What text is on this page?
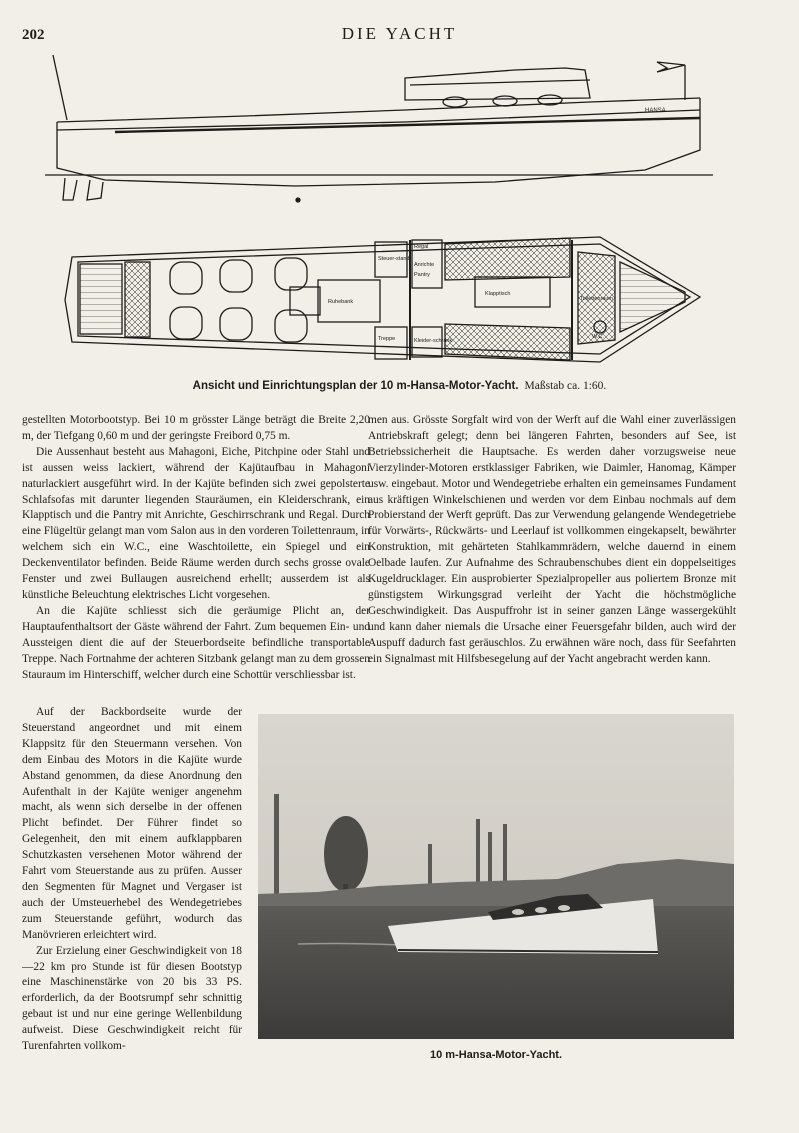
202	DIE YACHT
HANSA
Steuer-stand
Regal
Anrichte
Pantry
Ruhebank
Klapptisch
Toilettenraum
W.C.
Treppe	Kleider-schrank
Ansicht und Einrichtungsplan der 10 m-Hansa-Motor-Yacht. Maßstab ca. 1:60.

gestellten Motorbootstyp. Bei 10 m grösster Länge beträgt die Breite 2,20 m, der Tiefgang 0,60 m und der geringste Freibord 0,75 m.

Die Aussenhaut besteht aus Mahagoni, Eiche, Pitchpine oder Stahl und ist aussen weiss lackiert, während der Kajütaufbau in Mahagoni naturlackiert ausgeführt wird. In der Kajüte befinden sich zwei gepolsterte Schlafsofas mit darunter liegenden Stauräumen, ein Kleiderschrank, ein Klapptisch und die Pantry mit Anrichte, Geschirrschrank und Regal. Durch eine Flügeltür gelangt man vom Salon aus in den vorderen Toilettenraum, in welchem sich ein W.C., eine Waschtoilette, ein Spiegel und ein Deckenventilator befinden. Beide Räume werden durch sechs grosse ovale Fenster und zwei Bullaugen ausreichend erhellt; ausserdem ist als künstliche Beleuchtung elektrisches Licht vorgesehen.

An die Kajüte schliesst sich die geräumige Plicht an, der Hauptaufenthaltsort der Gäste während der Fahrt. Zum bequemen Ein- und Aussteigen dient die auf der Steuerbordseite befindliche transportable Treppe. Nach Fortnahme der achteren Sitzbank gelangt man zu dem grossen Stauraum im Hinterschiff, welcher durch eine Schottür verschliessbar ist.

men aus. Grösste Sorgfalt wird von der Werft auf die Wahl einer zuverlässigen Antriebskraft gelegt; denn bei längeren Fahrten, besonders auf See, ist Betriebssicherheit die Hauptsache. Es werden daher vorzugsweise neue Vierzylinder-Motoren erstklassiger Fabriken, wie Daimler, Hanomag, Kämper usw. eingebaut. Motor und Wendegetriebe erhalten ein gemeinsames Fundament aus kräftigen Winkelschienen und werden vor dem Einbau nochmals auf dem Probierstand der Werft geprüft. Das zur Verwendung gelangende Wendegetriebe für Vorwärts-, Rückwärts- und Leerlauf ist vollkommen eingekapselt, bewährter Konstruktion, mit gehärteten Stahlkammrädern, welche dauernd in einem Oelbade laufen. Zur Aufnahme des Schraubenschubes dient ein doppelseitiges Kugeldrucklager. Ein ausprobierter Spezialpropeller aus poliertem Bronze mit günstigstem Wirkungsgrad verleiht der Yacht die höchstmögliche Geschwindigkeit. Das Auspuffrohr ist in seiner ganzen Länge wassergekühlt und kann daher niemals die Ursache einer Feuersgefahr bilden, auch wird der Auspuff dadurch fast geräuschlos. Zu erwähnen wäre noch, dass für Seefahrten ein Signalmast mit Hilfsbesegelung auf der Yacht angebracht werden kann.

Auf der Backbordseite wurde der Steuerstand angeordnet und mit einem Klappsitz für den Steuermann versehen. Von dem Einbau des Motors in die Kajüte wurde Abstand genommen, da diese Anordnung den Aufenthalt in der Kajüte weniger angenehm macht, als wenn sich derselbe in der offenen Plicht befindet. Der Führer findet so Gelegenheit, den mit einem aufklappbaren Schutzkasten versehenen Motor während der Fahrt vom Steuerstande aus zu prüfen. Ausser den Segmenten für Magnet und Vergaser ist auch der Umsteuerhebel des Wendegetriebes zum Steuerstande geführt, wodurch das Manövrieren erleichtert wird.

Zur Erzielung einer Geschwindigkeit von 18—22 km pro Stunde ist für diesen Bootstyp eine Maschinenstärke von 20 bis 33 PS. erforderlich, da der Bootsrumpf sehr schnittig gebaut ist und nur eine geringe Wellenbildung aufweist. Diese Geschwindigkeit reicht für Turenfahrten vollkom-

10 m-Hansa-Motor-Yacht.
